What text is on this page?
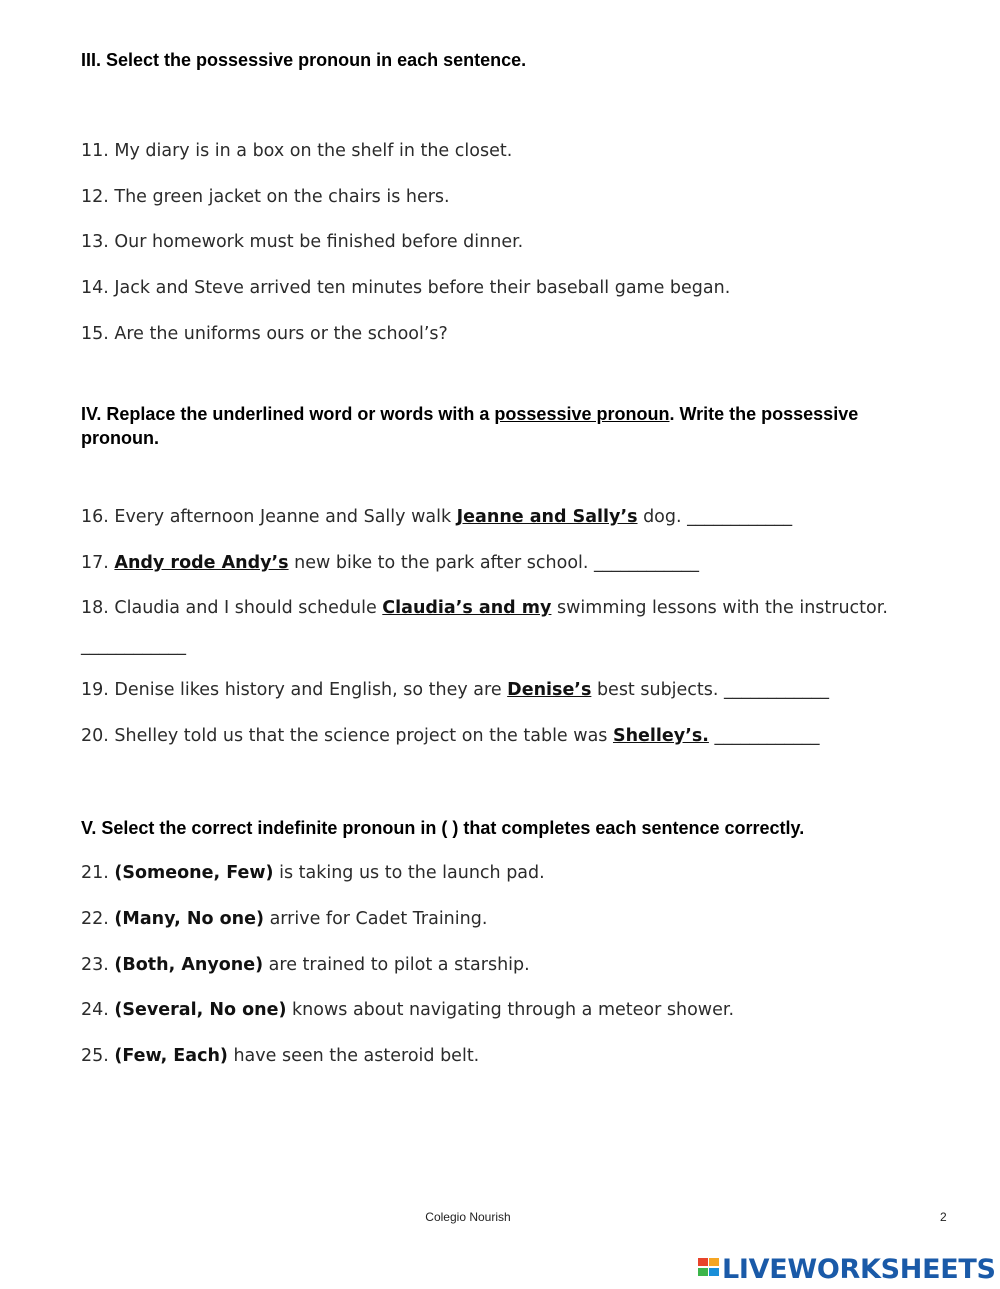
III. Select the possessive pronoun in each sentence.
11. My diary is in a box on the shelf in the closet.
12. The green jacket on the chairs is hers.
13. Our homework must be finished before dinner.
14. Jack and Steve arrived ten minutes before their baseball game began.
15. Are the uniforms ours or the school’s?
IV. Replace the underlined word or words with a possessive pronoun. Write the possessive pronoun.
16. Every afternoon Jeanne and Sally walk Jeanne and Sally’s dog. ____________
17. Andy rode Andy’s new bike to the park after school. ____________
18. Claudia and I should schedule Claudia’s and my swimming lessons with the instructor.
____________
19. Denise likes history and English, so they are Denise’s best subjects. ____________
20. Shelley told us that the science project on the table was Shelley’s. ____________
V. Select the correct indefinite pronoun in ( ) that completes each sentence correctly.
21. (Someone, Few) is taking us to the launch pad.
22. (Many, No one) arrive for Cadet Training.
23. (Both, Anyone) are trained to pilot a starship.
24. (Several, No one) knows about navigating through a meteor shower.
25. (Few, Each) have seen the asteroid belt.
Colegio Nourish	2
LIVEWORKSHEETS
